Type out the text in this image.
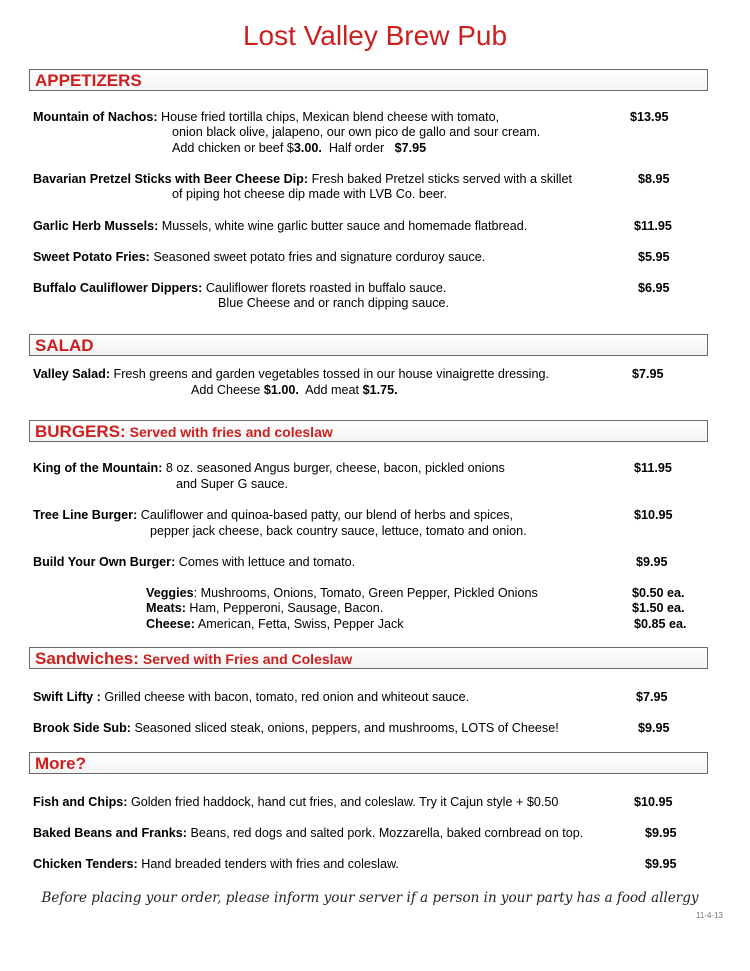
Lost Valley Brew Pub
APPETIZERS
Mountain of Nachos: House fried tortilla chips, Mexican blend cheese with tomato,	$13.95
onion black olive, jalapeno, our own pico de gallo and sour cream.
Add chicken or beef $3.00.  Half order   $7.95
Bavarian Pretzel Sticks with Beer Cheese Dip: Fresh baked Pretzel sticks served with a skillet	$8.95
of piping hot cheese dip made with LVB Co. beer.
Garlic Herb Mussels: Mussels, white wine garlic butter sauce and homemade flatbread.	$11.95
Sweet Potato Fries: Seasoned sweet potato fries and signature corduroy sauce.	$5.95
Buffalo Cauliflower Dippers: Cauliflower florets roasted in buffalo sauce.	$6.95
Blue Cheese and or ranch dipping sauce.
SALAD
Valley Salad: Fresh greens and garden vegetables tossed in our house vinaigrette dressing.	$7.95
Add Cheese $1.00.  Add meat $1.75.
BURGERS: Served with fries and coleslaw
King of the Mountain: 8 oz. seasoned Angus burger, cheese, bacon, pickled onions	$11.95
and Super G sauce.
Tree Line Burger: Cauliflower and quinoa-based patty, our blend of herbs and spices,	$10.95
pepper jack cheese, back country sauce, lettuce, tomato and onion.
Build Your Own Burger: Comes with lettuce and tomato.	$9.95
Veggies: Mushrooms, Onions, Tomato, Green Pepper, Pickled Onions	$0.50 ea.
Meats: Ham, Pepperoni, Sausage, Bacon.	$1.50 ea.
Cheese: American, Fetta, Swiss, Pepper Jack	$0.85 ea.
Sandwiches: Served with Fries and Coleslaw
Swift Lifty : Grilled cheese with bacon, tomato, red onion and whiteout sauce.	$7.95
Brook Side Sub: Seasoned sliced steak, onions, peppers, and mushrooms, LOTS of Cheese!	$9.95
More?
Fish and Chips: Golden fried haddock, hand cut fries, and coleslaw. Try it Cajun style + $0.50	$10.95
Baked Beans and Franks: Beans, red dogs and salted pork. Mozzarella, baked cornbread on top.	$9.95
Chicken Tenders: Hand breaded tenders with fries and coleslaw.	$9.95
Before placing your order, please inform your server if a person in your party has a food allergy
11-4-13
